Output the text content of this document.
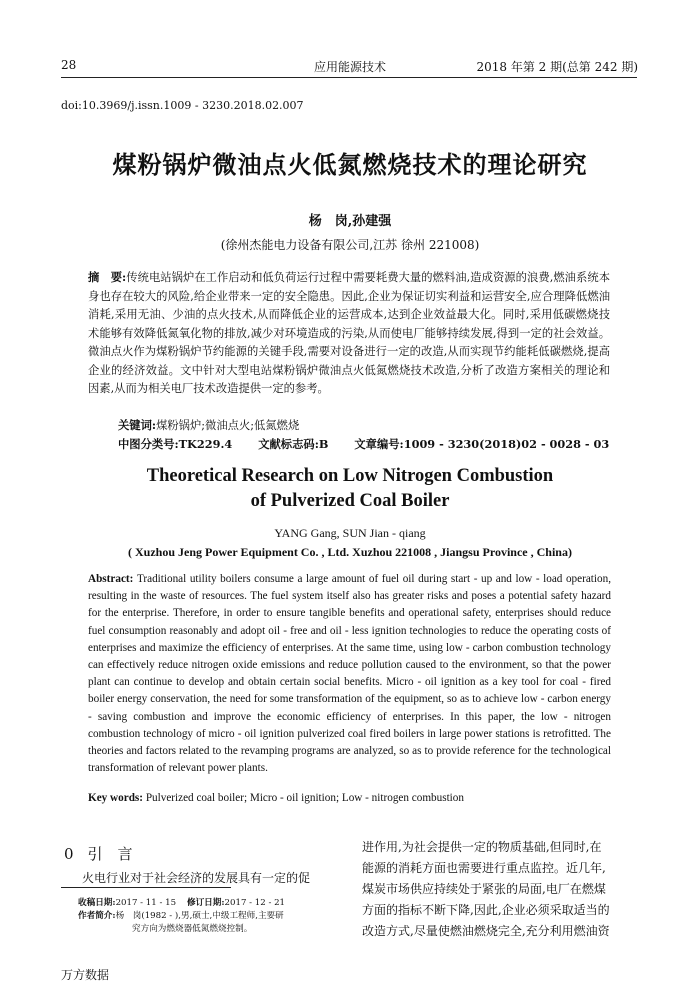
28	应用能源技术	2018 年第 2 期(总第 242 期)
doi:10.3969/j.issn.1009 - 3230.2018.02.007
煤粉锅炉微油点火低氮燃烧技术的理论研究
杨　岗,孙建强
(徐州杰能电力设备有限公司,江苏 徐州 221008)
摘　要:传统电站锅炉在工作启动和低负荷运行过程中需要耗费大量的燃料油,造成资源的浪费,燃油系统本身也存在较大的风险,给企业带来一定的安全隐患。因此,企业为保证切实利益和运营安全,应合理降低燃油消耗,采用无油、少油的点火技术,从而降低企业的运营成本,达到企业效益最大化。同时,采用低碳燃烧技术能够有效降低氮氧化物的排放,减少对环境造成的污染,从而使电厂能够持续发展,得到一定的社会效益。微油点火作为煤粉锅炉节约能源的关键手段,需要对设备进行一定的改造,从而实现节约能耗低碳燃烧,提高企业的经济效益。文中针对大型电站煤粉锅炉微油点火低氮燃烧技术改造,分析了改造方案相关的理论和因素,从而为相关电厂技术改造提供一定的参考。
关键词:煤粉锅炉;微油点火;低氮燃烧
中图分类号:TK229.4 文献标志码:B 文章编号:1009 - 3230(2018)02 - 0028 - 03
Theoretical Research on Low Nitrogen Combustion
of Pulverized Coal Boiler
YANG Gang, SUN Jian - qiang
( Xuzhou Jeng Power Equipment Co. , Ltd. Xuzhou 221008 , Jiangsu Province , China)
Abstract: Traditional utility boilers consume a large amount of fuel oil during start - up and low - load operation, resulting in the waste of resources. The fuel system itself also has greater risks and poses a potential safety hazard for the enterprise. Therefore, in order to ensure tangible benefits and operational safety, enterprises should reduce fuel consumption reasonably and adopt oil - free and oil - less ignition technologies to reduce the operating costs of enterprises and maximize the efficiency of enterprises. At the same time, using low - carbon combustion technology can effectively reduce nitrogen oxide emissions and reduce pollution caused to the environment, so that the power plant can continue to develop and obtain certain social benefits. Micro - oil ignition as a key tool for coal - fired boiler energy conservation, the need for some transformation of the equipment, so as to achieve low - carbon energy - saving combustion and improve the economic efficiency of enterprises. In this paper, the low - nitrogen combustion technology of micro - oil ignition pulverized coal fired boilers in large power stations is retrofitted. The theories and factors related to the revamping programs are analyzed, so as to provide reference for the technological transformation of relevant power plants.
Key words: Pulverized coal boiler; Micro - oil ignition; Low - nitrogen combustion
0 引　言
火电行业对于社会经济的发展具有一定的促

收稿日期:2017 - 11 - 15 修订日期:2017 - 12 - 21

作者简介:杨　岗(1982 - ),男,硕士,中级工程师,主要研

究方向为燃烧器低氮燃烧控制。

进作用,为社会提供一定的物质基础,但同时,在

能源的消耗方面也需要进行重点监控。近几年,

煤炭市场供应持续处于紧张的局面,电厂在燃煤

方面的指标不断下降,因此,企业必须采取适当的

改造方式,尽量使燃油燃烧完全,充分利用燃油资

万方数据
